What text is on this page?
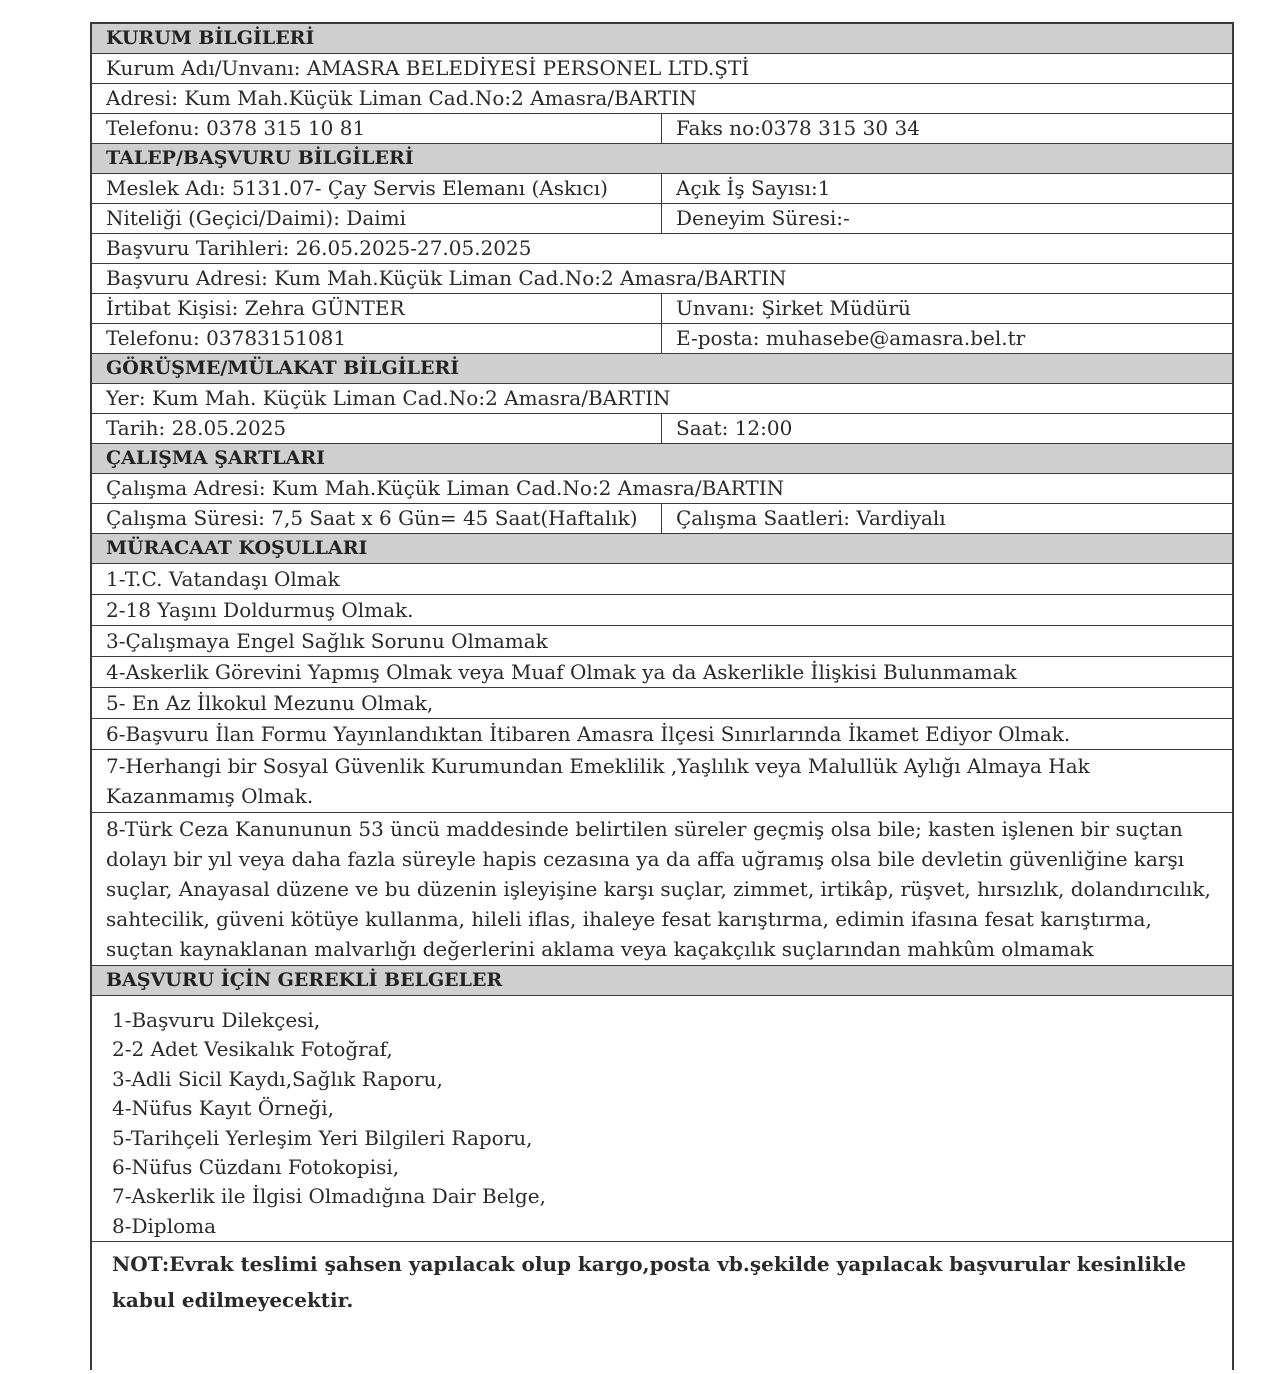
KURUM BİLGİLERİ
Kurum Adı/Unvanı: AMASRA BELEDİYESİ PERSONEL LTD.ŞTİ
Adresi: Kum Mah.Küçük Liman Cad.No:2 Amasra/BARTIN
Telefonu: 0378 315 10 81	Faks no:0378 315 30 34
TALEP/BAŞVURU BİLGİLERİ
Meslek Adı: 5131.07- Çay Servis Elemanı (Askıcı)	Açık İş Sayısı:1
Niteliği (Geçici/Daimi): Daimi	Deneyim Süresi:-
Başvuru Tarihleri: 26.05.2025-27.05.2025
Başvuru Adresi: Kum Mah.Küçük Liman Cad.No:2 Amasra/BARTIN
İrtibat Kişisi: Zehra GÜNTER	Unvanı: Şirket Müdürü
Telefonu: 03783151081	E-posta: muhasebe@amasra.bel.tr
GÖRÜŞME/MÜLAKAT BİLGİLERİ
Yer: Kum Mah. Küçük Liman Cad.No:2 Amasra/BARTIN
Tarih: 28.05.2025	Saat: 12:00
ÇALIŞMA ŞARTLARI
Çalışma Adresi: Kum Mah.Küçük Liman Cad.No:2 Amasra/BARTIN
Çalışma Süresi: 7,5 Saat x 6 Gün= 45 Saat(Haftalık)	Çalışma Saatleri: Vardiyalı
MÜRACAAT KOŞULLARI
1-T.C. Vatandaşı Olmak
2-18 Yaşını Doldurmuş Olmak.
3-Çalışmaya Engel Sağlık Sorunu Olmamak
4-Askerlik Görevini Yapmış Olmak veya Muaf Olmak ya da Askerlikle İlişkisi Bulunmamak
5- En Az İlkokul Mezunu Olmak,
6-Başvuru İlan Formu Yayınlandıktan İtibaren Amasra İlçesi Sınırlarında İkamet Ediyor Olmak.
7-Herhangi bir Sosyal Güvenlik Kurumundan Emeklilik ,Yaşlılık veya Malullük Aylığı Almaya Hak Kazanmamış Olmak.
8-Türk Ceza Kanununun 53 üncü maddesinde belirtilen süreler geçmiş olsa bile; kasten işlenen bir suçtan dolayı bir yıl veya daha fazla süreyle hapis cezasına ya da affa uğramış olsa bile devletin güvenliğine karşı suçlar, Anayasal düzene ve bu düzenin işleyişine karşı suçlar, zimmet, irtikâp, rüşvet, hırsızlık, dolandırıcılık, sahtecilik, güveni kötüye kullanma, hileli iflas, ihaleye fesat karıştırma, edimin ifasına fesat karıştırma, suçtan kaynaklanan malvarlığı değerlerini aklama veya kaçakçılık suçlarından mahkûm olmamak
BAŞVURU İÇİN GEREKLİ BELGELER
1-Başvuru Dilekçesi,
2-2 Adet Vesikalık Fotoğraf,
3-Adli Sicil Kaydı,Sağlık Raporu,
4-Nüfus Kayıt Örneği,
5-Tarihçeli Yerleşim Yeri Bilgileri Raporu,
6-Nüfus Cüzdanı Fotokopisi,
7-Askerlik ile İlgisi Olmadığına Dair Belge,
8-Diploma
NOT:Evrak teslimi şahsen yapılacak olup kargo,posta vb.şekilde yapılacak başvurular kesinlikle kabul edilmeyecektir.
